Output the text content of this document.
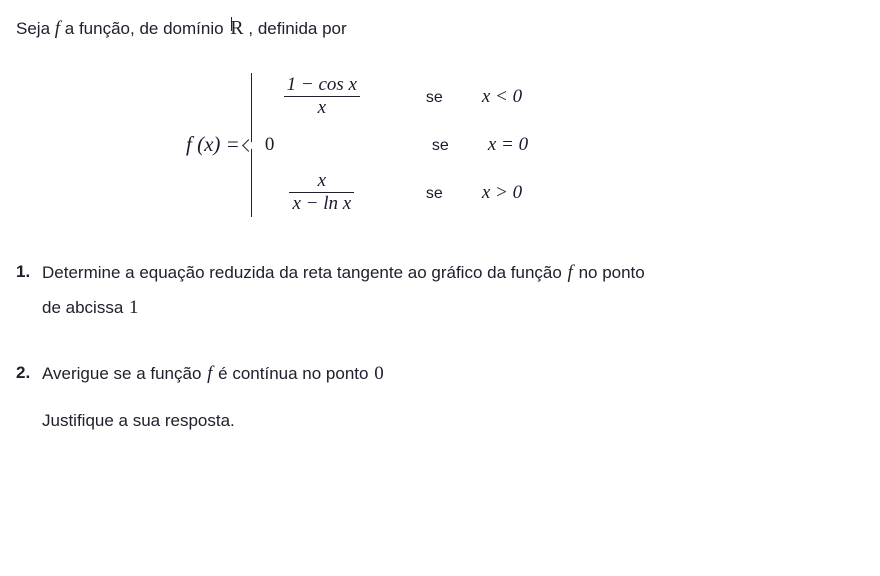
Seja f a função, de domínio R , definida por
f (x) =
$\frac{\text{1 − cos x}}{x}$	se	x < 0
0	se	x = 0
$\frac{x}{\text{x − ln x}}$	se	x > 0
1. Determine a equação reduzida da reta tangente ao gráfico da função f no ponto
de abcissa 1
2. Averigue se a função f é contínua no ponto 0
Justifique a sua resposta.
